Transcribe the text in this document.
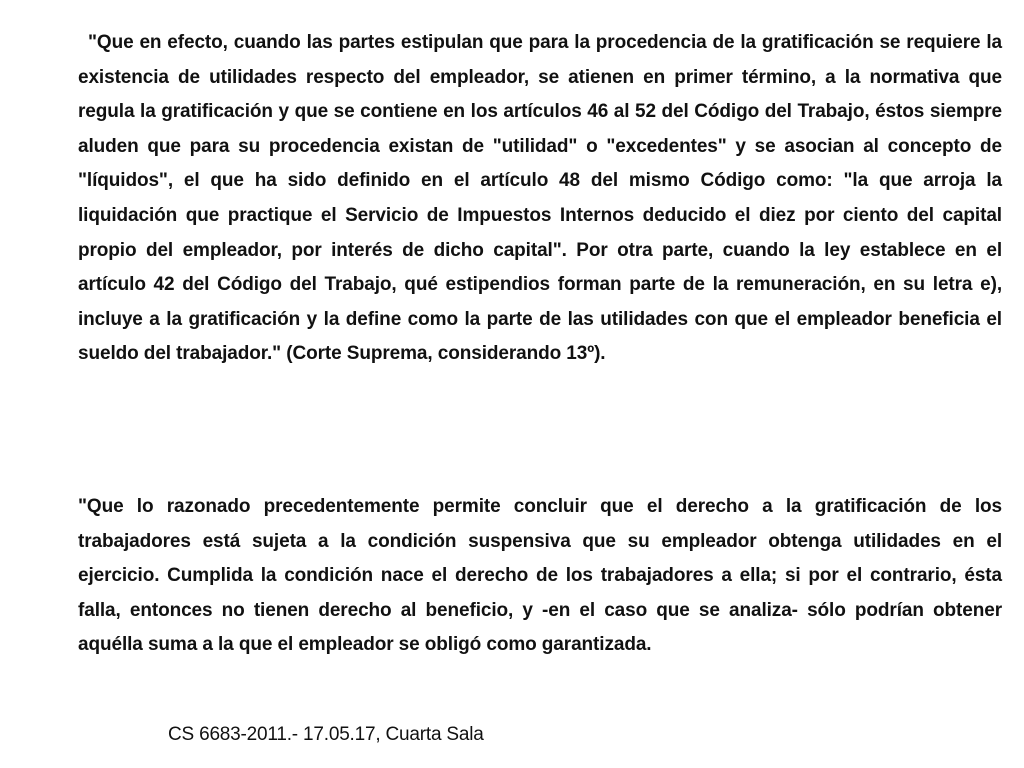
"Que en efecto, cuando las partes estipulan que para la procedencia de la gratificación se requiere la existencia de utilidades respecto del empleador, se atienen en primer término, a la normativa que regula la gratificación y que se contiene en los artículos 46 al 52 del Código del Trabajo, éstos siempre aluden que para su procedencia existan de "utilidad" o "excedentes" y se asocian al concepto de "líquidos", el que ha sido definido en el artículo 48 del mismo Código como: "la que arroja la liquidación que practique el Servicio de Impuestos Internos deducido el diez por ciento del capital propio del empleador, por interés de dicho capital". Por otra parte, cuando la ley establece en el artículo 42 del Código del Trabajo, qué estipendios forman parte de la remuneración, en su letra e), incluye a la gratificación y la define como la parte de las utilidades con que el empleador beneficia el sueldo del trabajador." (Corte Suprema, considerando 13º).

"Que lo razonado precedentemente permite concluir que el derecho a la gratificación de los trabajadores está sujeta a la condición suspensiva que su empleador obtenga utilidades en el ejercicio. Cumplida la condición nace el derecho de los trabajadores a ella; si por el contrario, ésta falla, entonces no tienen derecho al beneficio, y -en el caso que se analiza- sólo podrían obtener aquélla suma a la que el empleador se obligó como garantizada.

CS 6683-2011.- 17.05.17, Cuarta Sala
